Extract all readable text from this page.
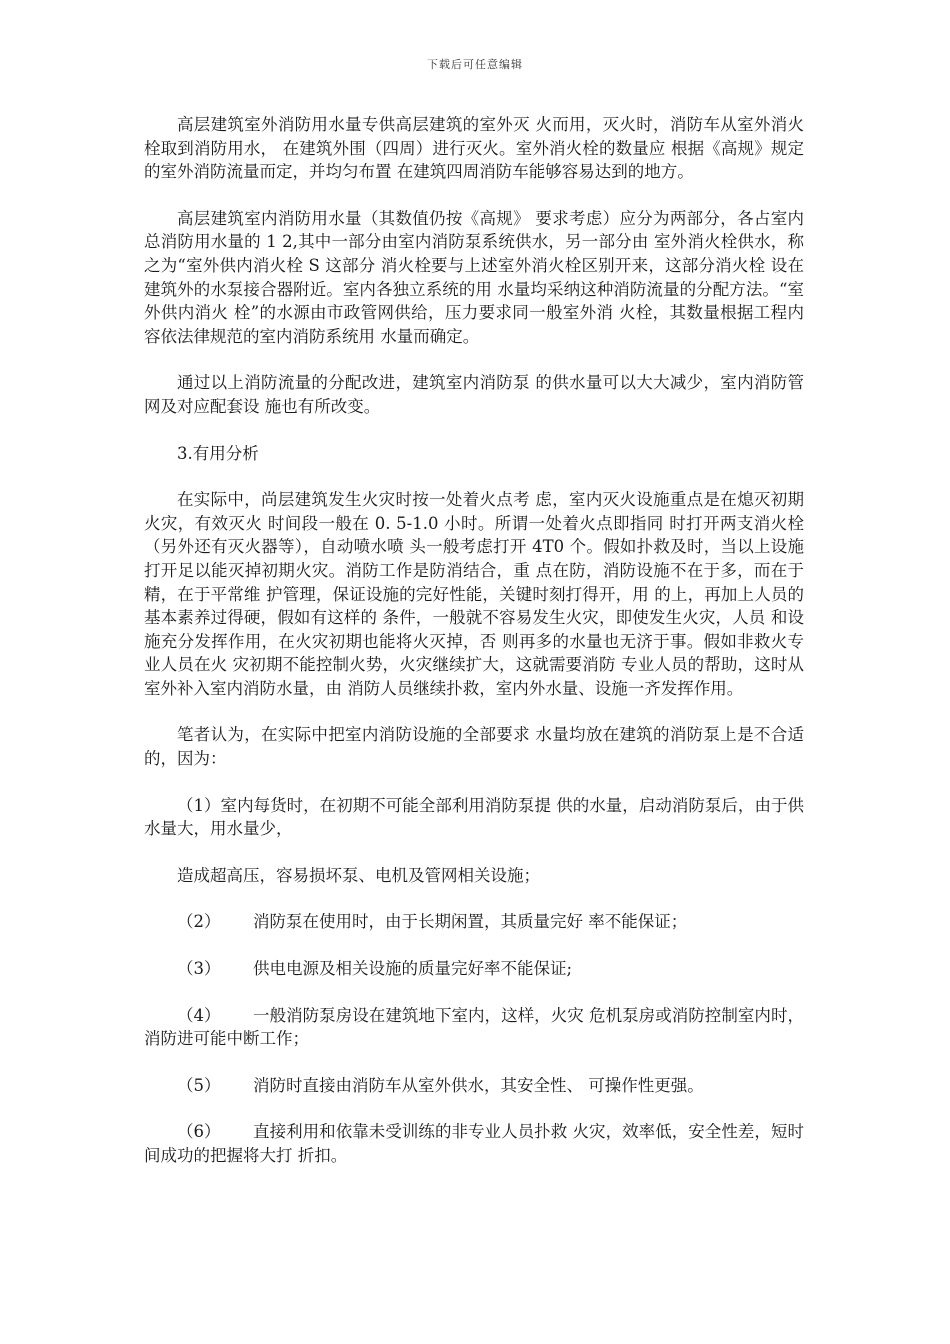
下载后可任意编辑

高层建筑室外消防用水量专供高层建筑的室外灭 火而用，灭火时，消防车从室外消火栓取到消防用水， 在建筑外围（四周）进行灭火。室外消火栓的数量应 根据《高规》规定的室外消防流量而定，并均匀布置 在建筑四周消防车能够容易达到的地方。

高层建筑室内消防用水量（其数值仍按《高规》 要求考虑）应分为两部分，各占室内总消防用水量的 1 2,其中一部分由室内消防泵系统供水，另一部分由 室外消火栓供水，称之为“室外供内消火栓 S 这部分 消火栓要与上述室外消火栓区别开来，这部分消火栓 设在建筑外的水泵接合器附近。室内各独立系统的用 水量均采纳这种消防流量的分配方法。“室外供内消火 栓”的水源由市政管网供给，压力要求同一般室外消 火栓，其数量根据工程内容依法律规范的室内消防系统用 水量而确定。

通过以上消防流量的分配改进，建筑室内消防泵 的供水量可以大大减少，室内消防管网及对应配套设 施也有所改变。

3.有用分析

在实际中，尚层建筑发生火灾时按一处着火点考 虑，室内灭火设施重点是在熄灭初期火灾，有效灭火 时间段一般在 0. 5-1.0 小时。所谓一处着火点即指同 时打开两支消火栓（另外还有灭火器等），自动喷水喷 头一般考虑打开 4T0 个。假如扑救及时，当以上设施 打开足以能灭掉初期火灾。消防工作是防消结合，重 点在防，消防设施不在于多，而在于精，在于平常维 护管理，保证设施的完好性能，关键时刻打得开，用 的上，再加上人员的基本素养过得硬，假如有这样的 条件，一般就不容易发生火灾，即使发生火灾，人员 和设施充分发挥作用，在火灾初期也能将火灭掉，否 则再多的水量也无济于事。假如非救火专业人员在火 灾初期不能控制火势，火灾继续扩大，这就需要消防 专业人员的帮助，这时从室外补入室内消防水量，由 消防人员继续扑救，室内外水量、设施一齐发挥作用。

笔者认为，在实际中把室内消防设施的全部要求 水量均放在建筑的消防泵上是不合适的，因为：

（1）室内每货时，在初期不可能全部利用消防泵提 供的水量，启动消防泵后，由于供水量大，用水量少，

造成超高压，容易损坏泵、电机及管网相关设施；

（2） 消防泵在使用时，由于长期闲置，其质量完好 率不能保证；

（3） 供电电源及相关设施的质量完好率不能保证;

（4） 一般消防泵房设在建筑地下室内，这样，火灾 危机泵房或消防控制室内时，消防进可能中断工作；

（5） 消防时直接由消防车从室外供水，其安全性、 可操作性更强。

（6） 直接利用和依靠未受训练的非专业人员扑救 火灾，效率低，安全性差，短时间成功的把握将大打 折扣。
